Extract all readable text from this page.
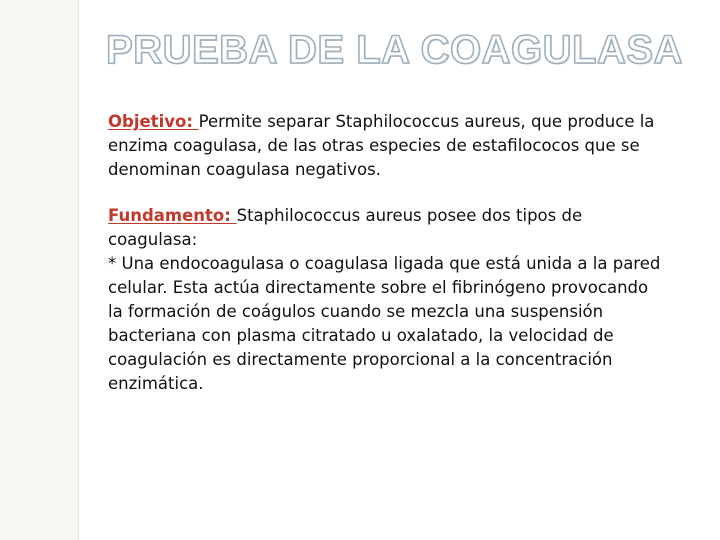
PRUEBA DE LA COAGULASA

Objetivo: Permite separar Staphilococcus aureus, que produce la enzima coagulasa, de las otras especies de estafilococos que se denominan coagulasa negativos.

Fundamento: Staphilococcus aureus posee dos tipos de coagulasa:
* Una endocoagulasa o coagulasa ligada que está unida a la pared celular. Esta actúa directamente sobre el fibrinógeno provocando la formación de coágulos cuando se mezcla una suspensión bacteriana con plasma citratado u oxalatado, la velocidad de coagulación es directamente proporcional a la concentración enzimática.
